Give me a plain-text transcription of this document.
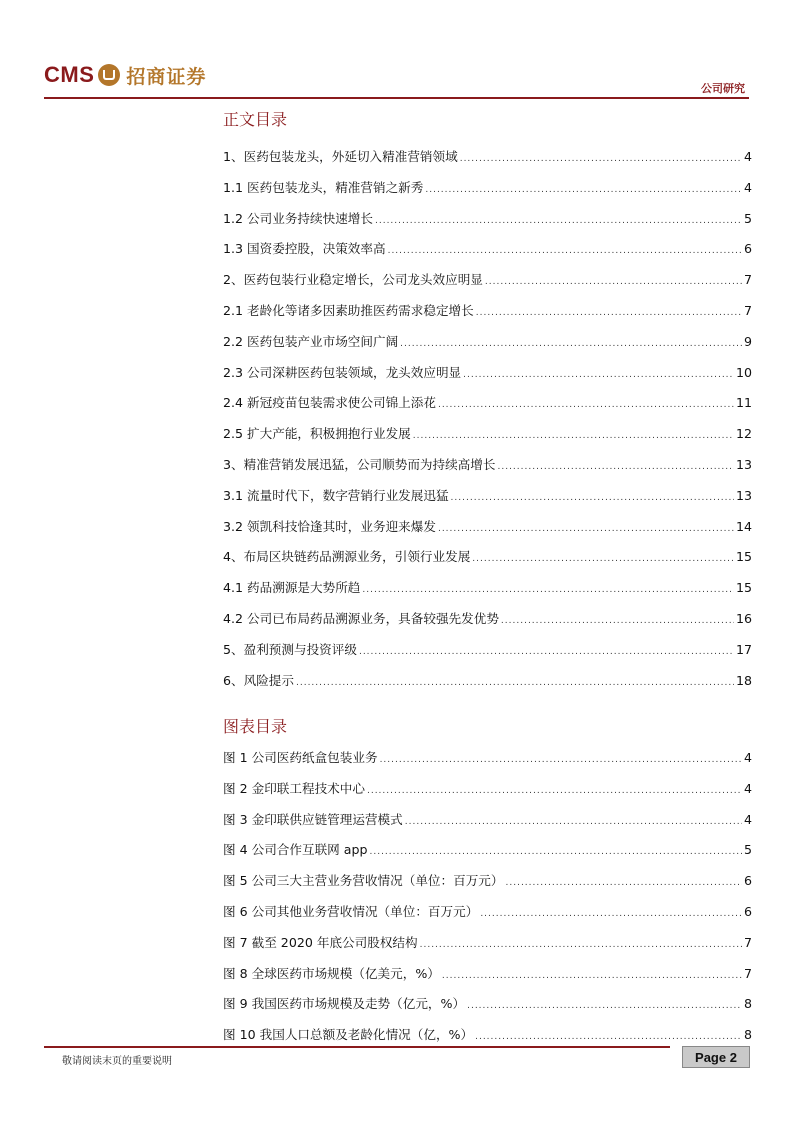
CMS 招商证券
公司研究
正文目录
1、医药包装龙头，外延切入精准营销领域 .....	4
1.1 医药包装龙头，精准营销之新秀 .....	4
1.2 公司业务持续快速增长 .....	5
1.3 国资委控股，决策效率高 .....	6
2、医药包装行业稳定增长，公司龙头效应明显 .....	7
2.1 老龄化等诸多因素助推医药需求稳定增长 .....	7
2.2 医药包装产业市场空间广阔 .....	9
2.3 公司深耕医药包装领域，龙头效应明显 .....	10
2.4 新冠疫苗包装需求使公司锦上添花 .....	11
2.5 扩大产能，积极拥抱行业发展 .....	12
3、精准营销发展迅猛，公司顺势而为持续高增长 .....	13
3.1 流量时代下，数字营销行业发展迅猛 .....	13
3.2 领凯科技恰逢其时，业务迎来爆发 .....	14
4、布局区块链药品溯源业务，引领行业发展 .....	15
4.1 药品溯源是大势所趋 .....	15
4.2 公司已布局药品溯源业务，具备较强先发优势 .....	16
5、盈利预测与投资评级 .....	17
6、风险提示 .....	18
图表目录
图 1 公司医药纸盒包装业务 .....	4
图 2 金印联工程技术中心 .....	4
图 3 金印联供应链管理运营模式 .....	4
图 4 公司合作互联网 app .....	5
图 5 公司三大主营业务营收情况（单位：百万元） .....	6
图 6 公司其他业务营收情况（单位：百万元） .....	6
图 7 截至 2020 年底公司股权结构 .....	7
图 8 全球医药市场规模（亿美元，%） .....	7
图 9 我国医药市场规模及走势（亿元，%） .....	8
图 10 我国人口总额及老龄化情况（亿，%） .....	8
敬请阅读末页的重要说明	Page 2
